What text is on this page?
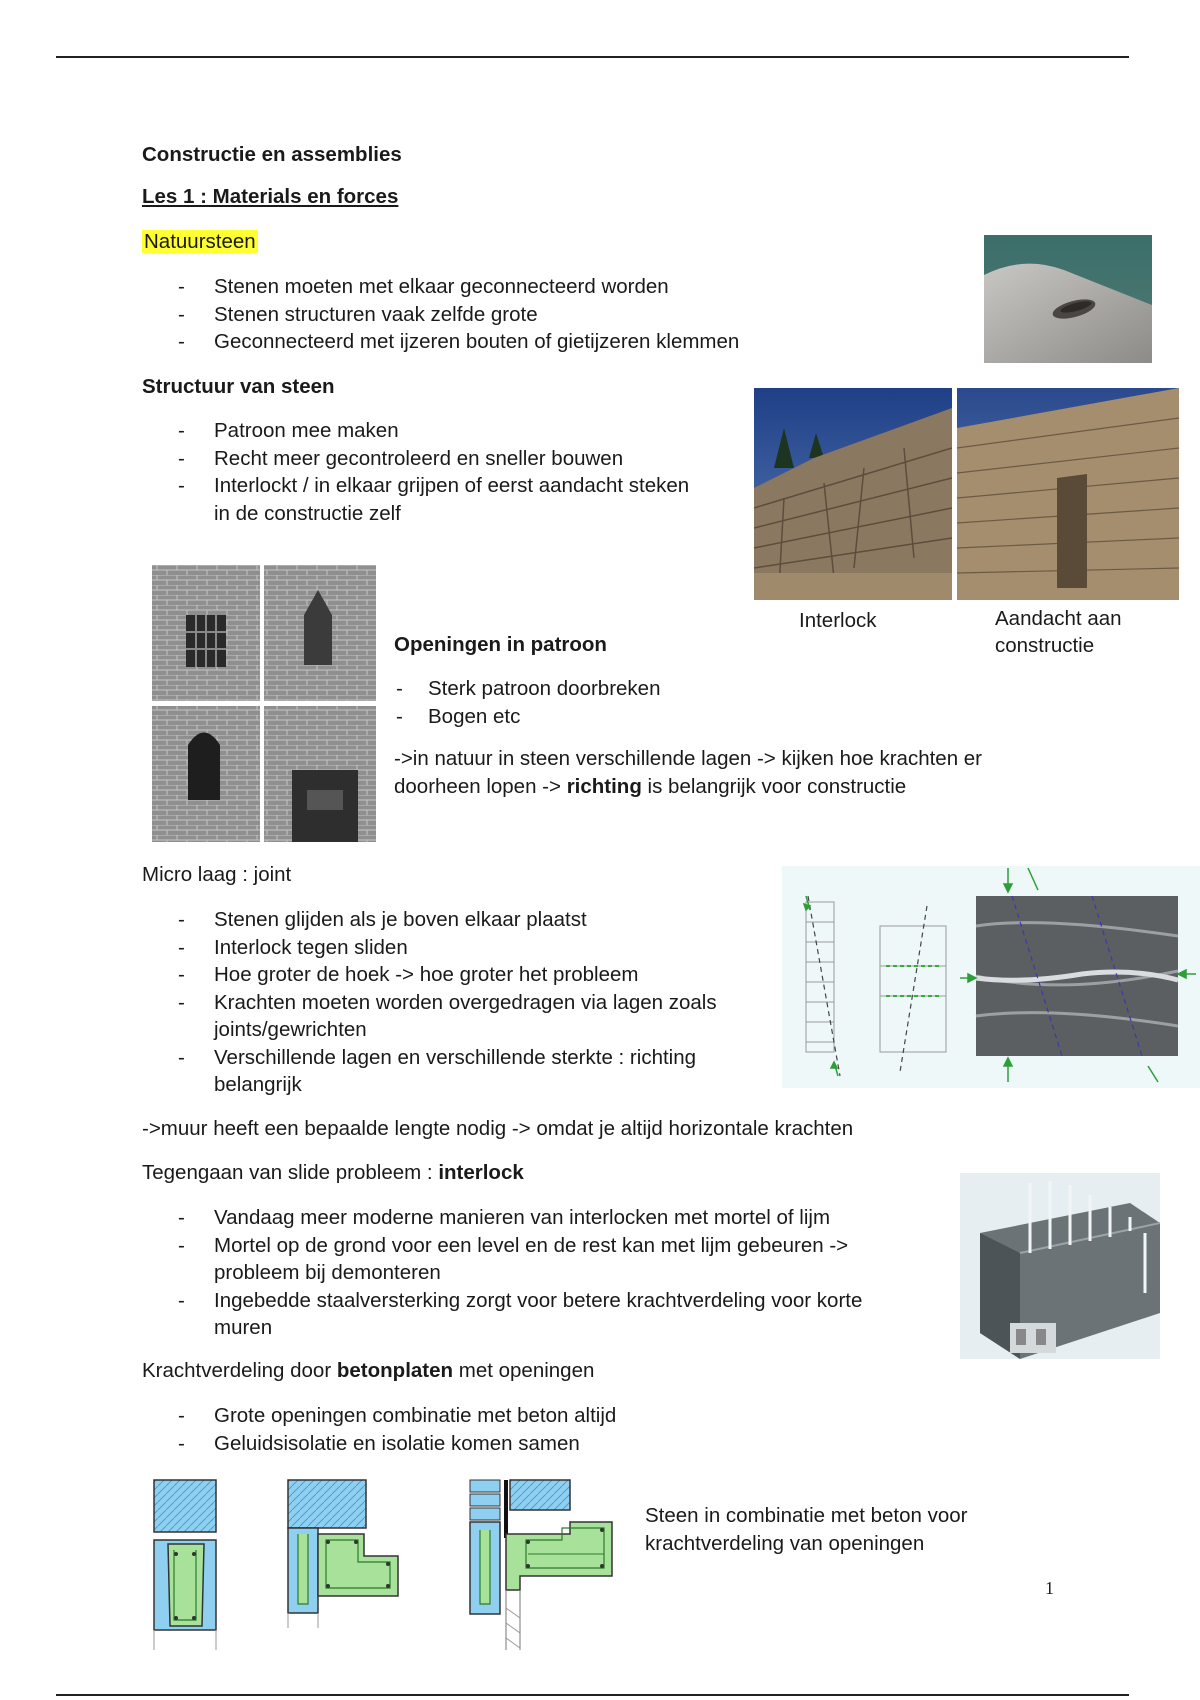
Constructie en assemblies
Les 1 : Materials en forces
Natuursteen
- Stenen moeten met elkaar geconnecteerd worden
- Stenen structuren vaak zelfde grote
- Geconnecteerd met ijzeren bouten of gietijzeren klemmen
Structuur van steen
- Patroon mee maken
- Recht meer gecontroleerd en sneller bouwen
- Interlockt / in elkaar grijpen of eerst aandacht steken
in de constructie zelf
Interlock	Aandacht aan
constructie
Openingen in patroon
- Sterk patroon doorbreken
- Bogen etc
->in natuur in steen verschillende lagen -> kijken hoe krachten er
doorheen lopen -> richting is belangrijk voor constructie
Micro laag : joint
- Stenen glijden als je boven elkaar plaatst
- Interlock tegen sliden
- Hoe groter de hoek -> hoe groter het probleem
- Krachten moeten worden overgedragen via lagen zoals
joints/gewrichten
- Verschillende lagen en verschillende sterkte : richting
belangrijk
->muur heeft een bepaalde lengte nodig -> omdat je altijd horizontale krachten
Tegengaan van slide probleem : interlock
- Vandaag meer moderne manieren van interlocken met mortel of lijm
- Mortel op de grond voor een level en de rest kan met lijm gebeuren ->
probleem bij demonteren
- Ingebedde staalversterking zorgt voor betere krachtverdeling voor korte
muren
Krachtverdeling door betonplaten met openingen
- Grote openingen combinatie met beton altijd
- Geluidsisolatie en isolatie komen samen
Steen in combinatie met beton voor
krachtverdeling van openingen
1
